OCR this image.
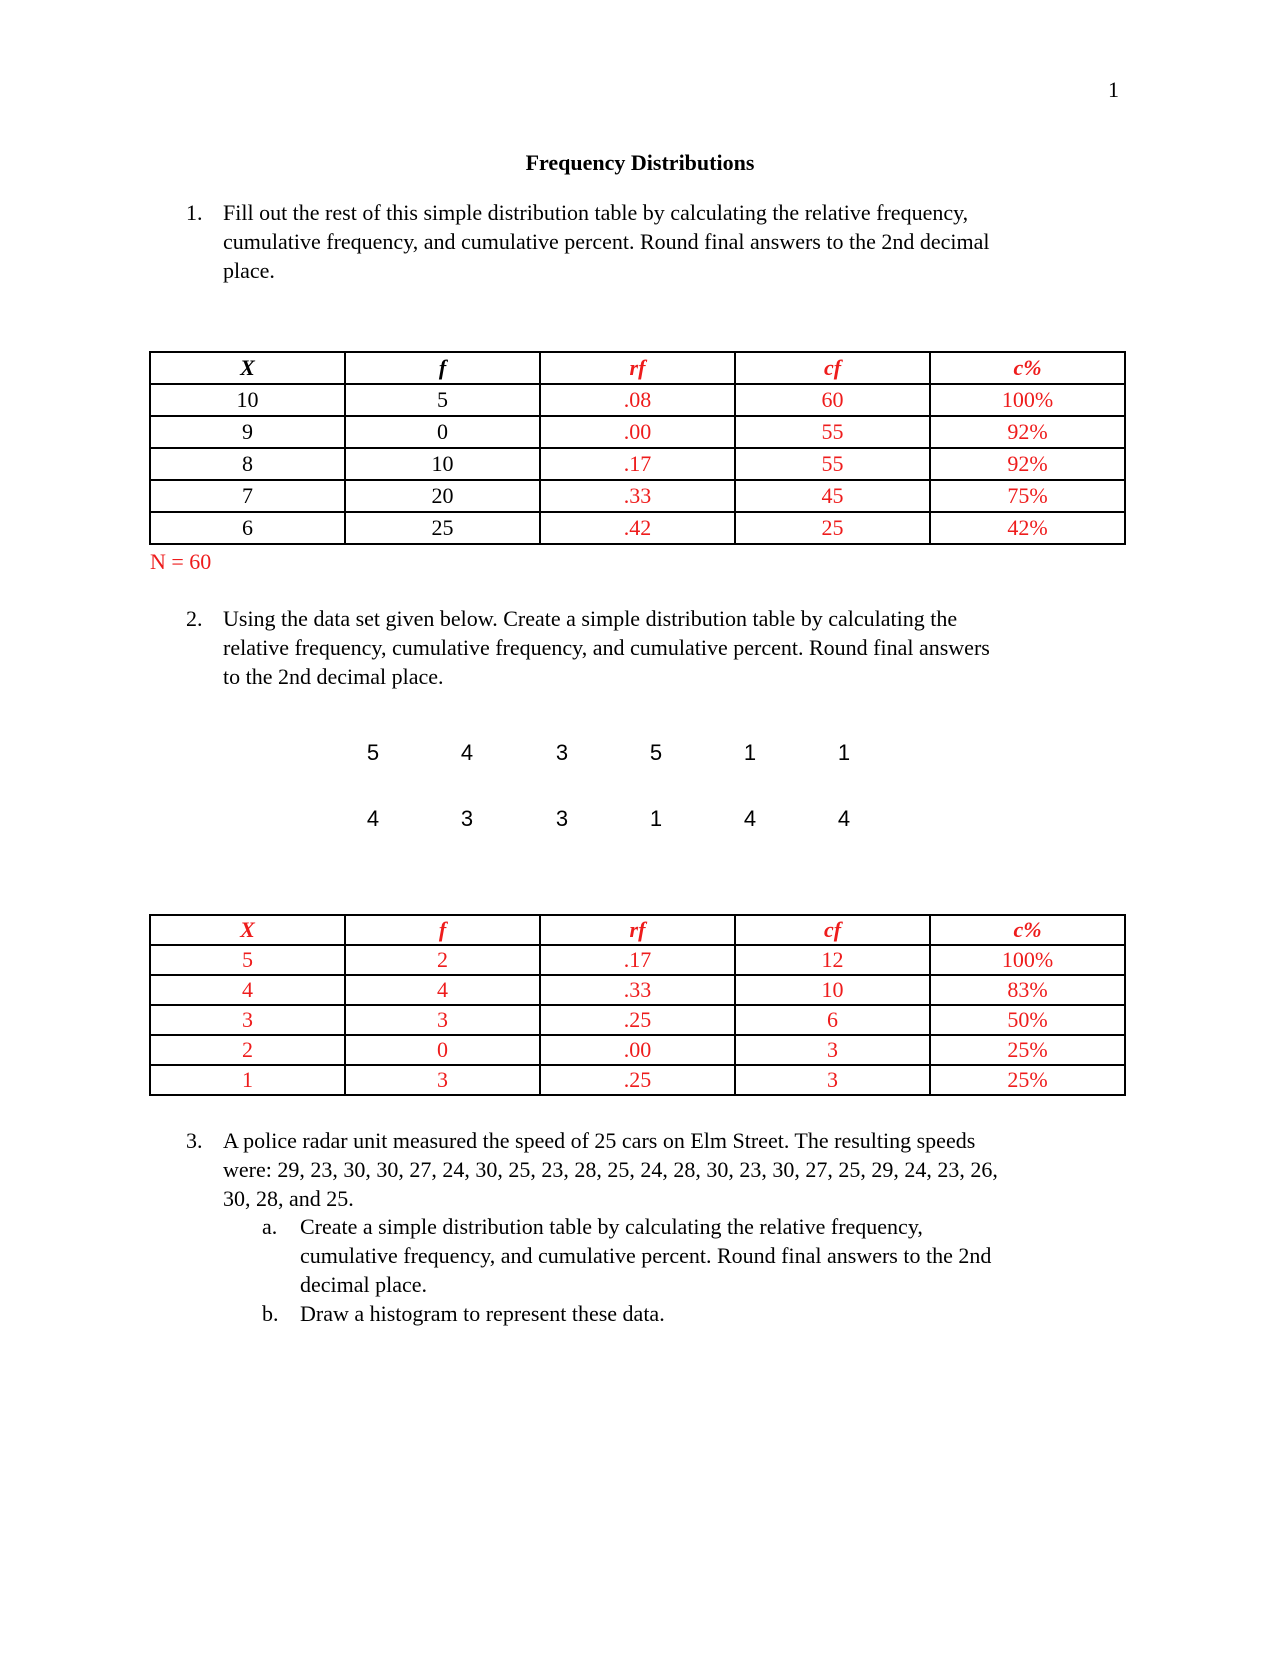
1
Frequency Distributions
1. Fill out the rest of this simple distribution table by calculating the relative frequency,
cumulative frequency, and cumulative percent. Round final answers to the 2nd decimal
place.
X	f	rf	cf	c%
10	5	.08	60	100%
9	0	.00	55	92%
8	10	.17	55	92%
7	20	.33	45	75%
6	25	.42	25	42%
N = 60
2. Using the data set given below. Create a simple distribution table by calculating the
relative frequency, cumulative frequency, and cumulative percent. Round final answers
to the 2nd decimal place.
5	4	3	5	1	1
4	3	3	1	4	4
X	f	rf	cf	c%
5	2	.17	12	100%
4	4	.33	10	83%
3	3	.25	6	50%
2	0	.00	3	25%
1	3	.25	3	25%
3. A police radar unit measured the speed of 25 cars on Elm Street. The resulting speeds
were: 29, 23, 30, 30, 27, 24, 30, 25, 23, 28, 25, 24, 28, 30, 23, 30, 27, 25, 29, 24, 23, 26,
30, 28, and 25.
a. Create a simple distribution table by calculating the relative frequency,
cumulative frequency, and cumulative percent. Round final answers to the 2nd
decimal place.
b. Draw a histogram to represent these data.
